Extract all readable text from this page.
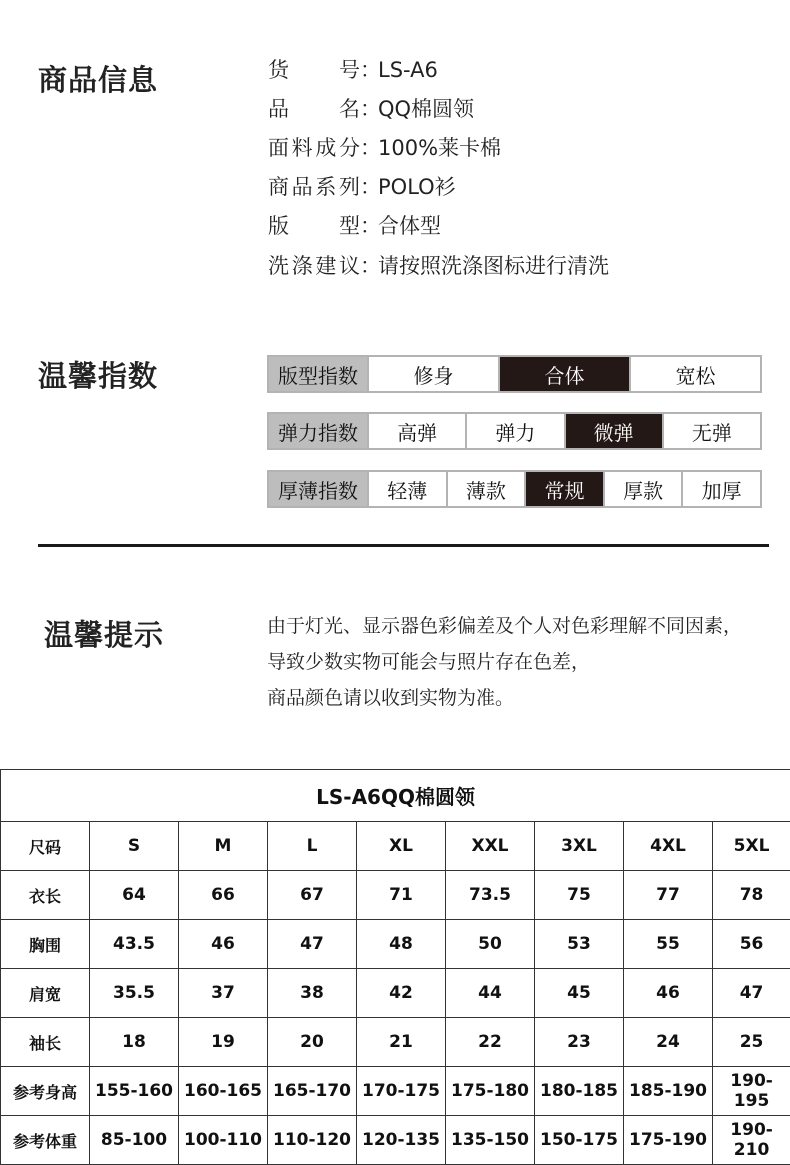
商品信息	货号：LS-A6
品名：QQ棉圆领
面料成分：100%莱卡棉
商品系列：POLO衫
版型：合体型
洗涤建议：请按照洗涤图标进行清洗
温馨指数	版型指数	修身	合体	宽松
弹力指数	高弹	弹力	微弹	无弹
厚薄指数	轻薄	薄款	常规	厚款	加厚
温馨提示	由于灯光、显示器色彩偏差及个人对色彩理解不同因素，
导致少数实物可能会与照片存在色差，
商品颜色请以收到实物为准。
LS-A6QQ棉圆领								
尺码	S	M	L	XL	XXL	3XL	4XL	5XL
衣长	64	66	67	71	73.5	75	77	78
胸围	43.5	46	47	48	50	53	55	56
肩宽	35.5	37	38	42	44	45	46	47
袖长	18	19	20	21	22	23	24	25
参考身高	155-160	160-165	165-170	170-175	175-180	180-185	185-190	190-195
参考体重	85-100	100-110	110-120	120-135	135-150	150-175	175-190	190-210
